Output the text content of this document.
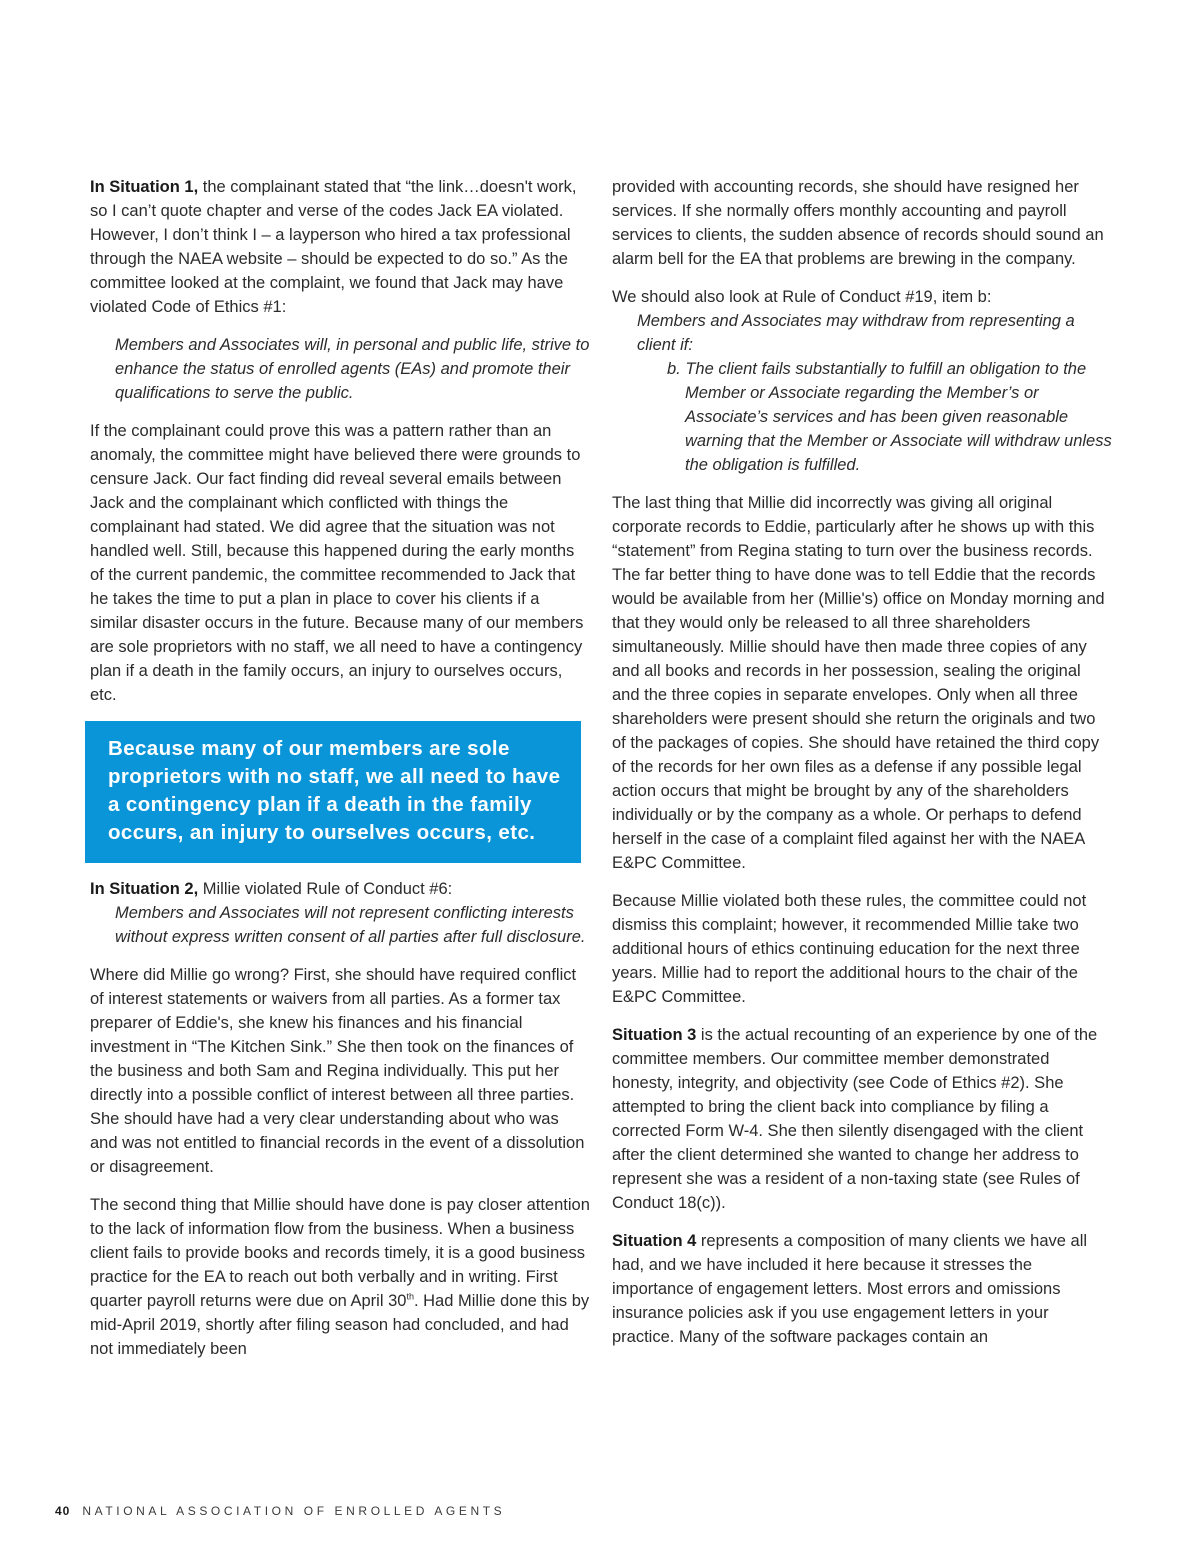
In Situation 1, the complainant stated that “the link…doesn't work, so I can’t quote chapter and verse of the codes Jack EA violated. However, I don’t think I – a layperson who hired a tax professional through the NAEA website – should be expected to do so.” As the committee looked at the complaint, we found that Jack may have violated Code of Ethics #1:

Members and Associates will, in personal and public life, strive to enhance the status of enrolled agents (EAs) and promote their qualifications to serve the public.

If the complainant could prove this was a pattern rather than an anomaly, the committee might have believed there were grounds to censure Jack. Our fact finding did reveal several emails between Jack and the complainant which conflicted with things the complainant had stated. We did agree that the situation was not handled well. Still, because this happened during the early months of the current pandemic, the committee recommended to Jack that he takes the time to put a plan in place to cover his clients if a similar disaster occurs in the future. Because many of our members are sole proprietors with no staff, we all need to have a contingency plan if a death in the family occurs, an injury to ourselves occurs, etc.

Because many of our members are sole proprietors with no staff, we all need to have a contingency plan if a death in the family occurs, an injury to ourselves occurs, etc.

In Situation 2, Millie violated Rule of Conduct #6:

Members and Associates will not represent conflicting interests without express written consent of all parties after full disclosure.

Where did Millie go wrong? First, she should have required conflict of interest statements or waivers from all parties. As a former tax preparer of Eddie's, she knew his finances and his financial investment in “The Kitchen Sink.” She then took on the finances of the business and both Sam and Regina individually. This put her directly into a possible conflict of interest between all three parties. She should have had a very clear understanding about who was and was not entitled to financial records in the event of a dissolution or disagreement.

The second thing that Millie should have done is pay closer attention to the lack of information flow from the business. When a business client fails to provide books and records timely, it is a good business practice for the EA to reach out both verbally and in writing. First quarter payroll returns were due on April 30th. Had Millie done this by mid-April 2019, shortly after filing season had concluded, and had not immediately been

provided with accounting records, she should have resigned her services. If she normally offers monthly accounting and payroll services to clients, the sudden absence of records should sound an alarm bell for the EA that problems are brewing in the company.

We should also look at Rule of Conduct #19, item b:

Members and Associates may withdraw from representing a client if:

b. The client fails substantially to fulfill an obligation to the Member or Associate regarding the Member’s or Associate’s services and has been given reasonable warning that the Member or Associate will withdraw unless the obligation is fulfilled.

The last thing that Millie did incorrectly was giving all original corporate records to Eddie, particularly after he shows up with this “statement” from Regina stating to turn over the business records. The far better thing to have done was to tell Eddie that the records would be available from her (Millie's) office on Monday morning and that they would only be released to all three shareholders simultaneously. Millie should have then made three copies of any and all books and records in her possession, sealing the original and the three copies in separate envelopes. Only when all three shareholders were present should she return the originals and two of the packages of copies. She should have retained the third copy of the records for her own files as a defense if any possible legal action occurs that might be brought by any of the shareholders individually or by the company as a whole. Or perhaps to defend herself in the case of a complaint filed against her with the NAEA E&PC Committee.

Because Millie violated both these rules, the committee could not dismiss this complaint; however, it recommended Millie take two additional hours of ethics continuing education for the next three years. Millie had to report the additional hours to the chair of the E&PC Committee.

Situation 3 is the actual recounting of an experience by one of the committee members. Our committee member demonstrated honesty, integrity, and objectivity (see Code of Ethics #2). She attempted to bring the client back into compliance by filing a corrected Form W-4. She then silently disengaged with the client after the client determined she wanted to change her address to represent she was a resident of a non-taxing state (see Rules of Conduct 18(c)).

Situation 4 represents a composition of many clients we have all had, and we have included it here because it stresses the importance of engagement letters. Most errors and omissions insurance policies ask if you use engagement letters in your practice. Many of the software packages contain an

40 NATIONAL ASSOCIATION OF ENROLLED AGENTS
